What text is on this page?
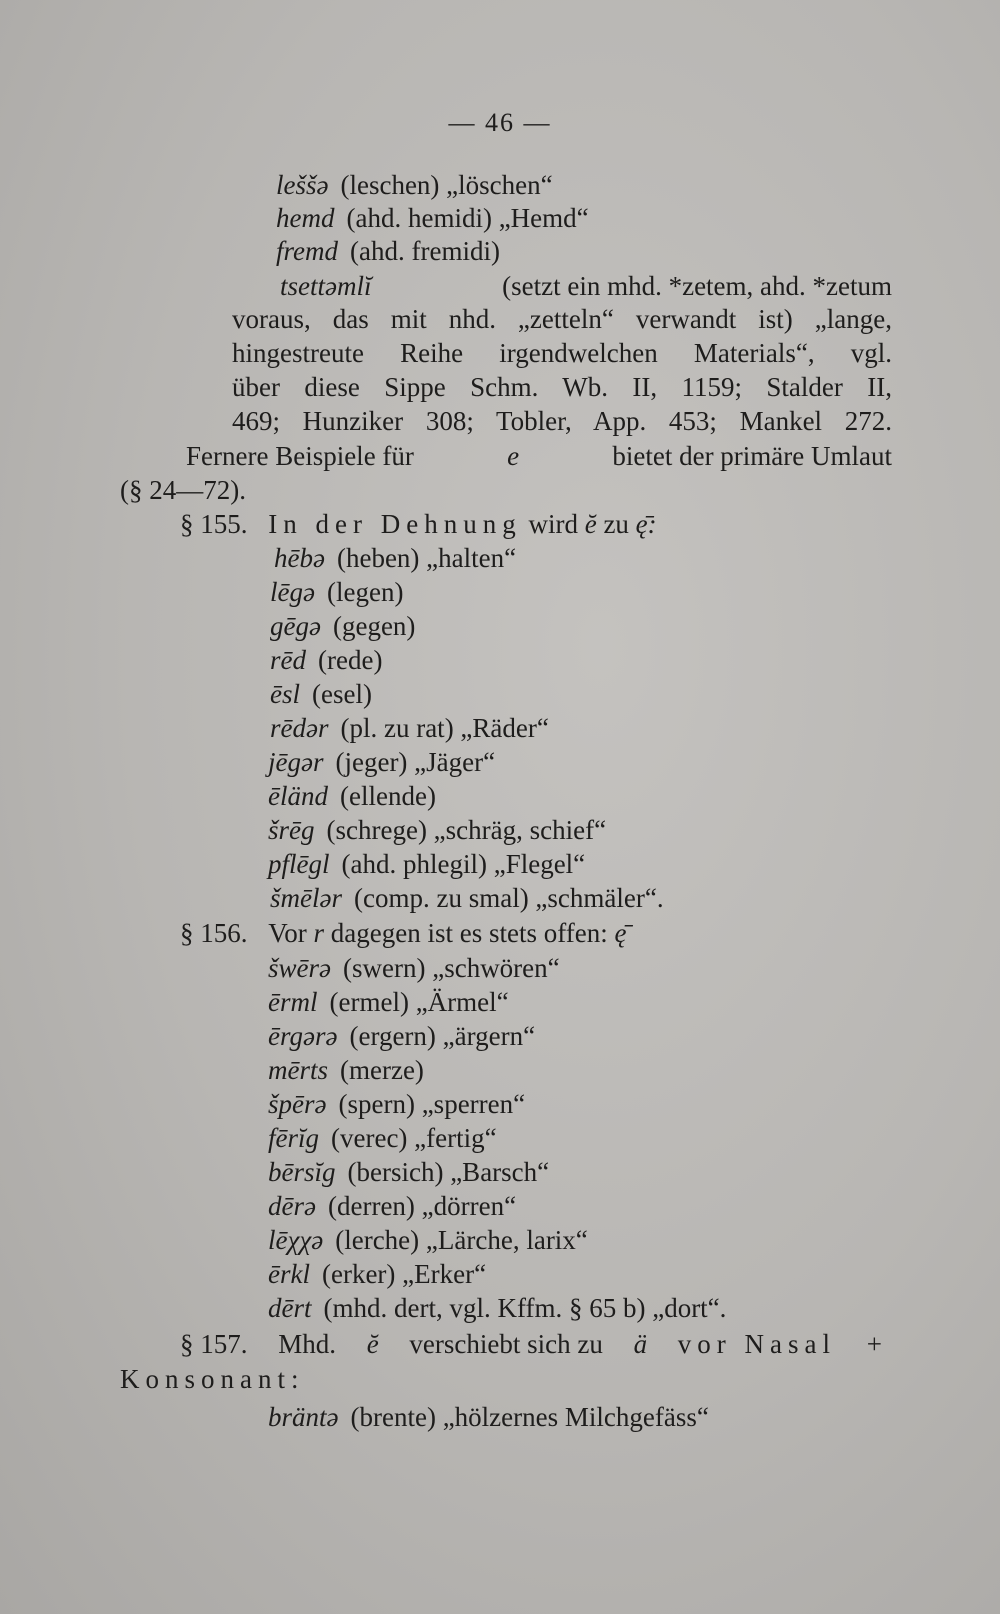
— 46 —
leššə (leschen) „löschen“
hemd (ahd. hemidi) „Hemd“
fremd (ahd. fremidi)
tsettəmlĭ	(setzt ein mhd. *zetem, ahd. *zetum
voraus, das mit nhd. „zetteln“ verwandt ist) „lange,
hingestreute Reihe irgendwelchen Materials“, vgl.
über diese Sippe Schm. Wb. II, 1159; Stalder II,
469; Hunziker 308; Tobler, App. 453; Mankel 272.
Fernere Beispiele für	e	bietet der primäre Umlaut
(§ 24—72).
§ 155. In der Dehnung wird ĕ zu ę̄:
hēbə (heben) „halten“
lēgə (legen)
gēgə (gegen)
rēd (rede)
ēsl (esel)
rēdər (pl. zu rat) „Räder“
jēgər (jeger) „Jäger“
ēländ (ellende)
šrēg (schrege) „schräg, schief“
pflēgl (ahd. phlegil) „Flegel“
šmēlər (comp. zu smal) „schmäler“.
§ 156. Vor r dagegen ist es stets offen: ę̄
šwērə (swern) „schwören“
ērml (ermel) „Ärmel“
ērgərə (ergern) „ärgern“
mērts (merze)
špērə (spern) „sperren“
fērĭg (verec) „fertig“
bērsĭg (bersich) „Barsch“
dērə (derren) „dörren“
lēχχə (lerche) „Lärche, larix“
ērkl (erker) „Erker“
dērt (mhd. dert, vgl. Kffm. § 65 b) „dort“.
§ 157. Mhd. ĕ verschiebt sich zu ä vor Nasal +
Konsonant:
bräntə (brente) „hölzernes Milchgefäss“
